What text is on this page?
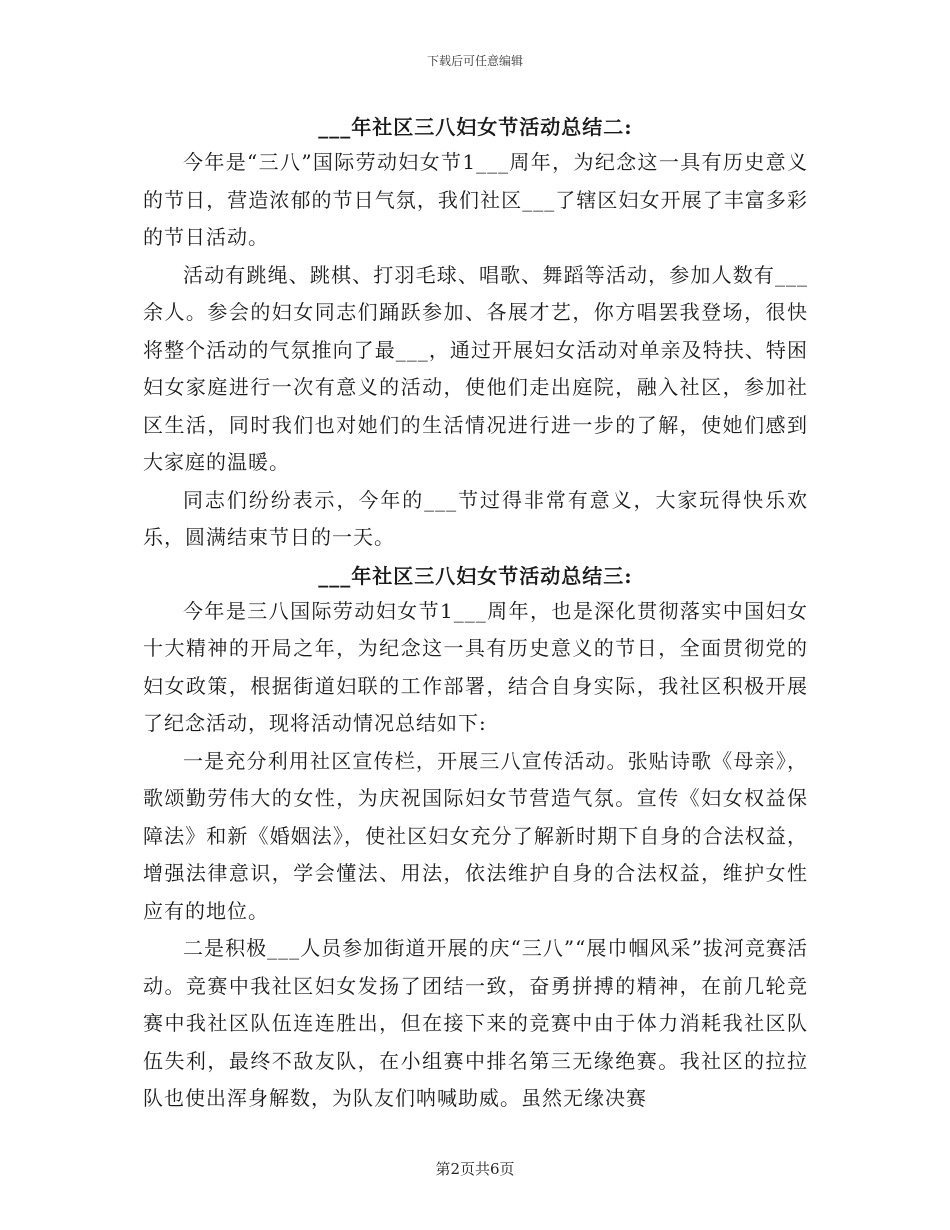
下载后可任意编辑
___年社区三八妇女节活动总结二:

今年是“三八”国际劳动妇女节1___周年，为纪念这一具有历史意义的节日，营造浓郁的节日气氛，我们社区___了辖区妇女开展了丰富多彩的节日活动。

活动有跳绳、跳棋、打羽毛球、唱歌、舞蹈等活动，参加人数有___余人。参会的妇女同志们踊跃参加、各展才艺，你方唱罢我登场，很快将整个活动的气氛推向了最___，通过开展妇女活动对单亲及特扶、特困妇女家庭进行一次有意义的活动，使他们走出庭院，融入社区，参加社区生活，同时我们也对她们的生活情况进行进一步的了解，使她们感到大家庭的温暖。

同志们纷纷表示，今年的___节过得非常有意义，大家玩得快乐欢乐，圆满结束节日的一天。

___年社区三八妇女节活动总结三:

今年是三八国际劳动妇女节1___周年，也是深化贯彻落实中国妇女十大精神的开局之年，为纪念这一具有历史意义的节日，全面贯彻党的妇女政策，根据街道妇联的工作部署，结合自身实际，我社区积极开展了纪念活动，现将活动情况总结如下:

一是充分利用社区宣传栏，开展三八宣传活动。张贴诗歌《母亲》，歌颂勤劳伟大的女性，为庆祝国际妇女节营造气氛。宣传《妇女权益保障法》和新《婚姻法》，使社区妇女充分了解新时期下自身的合法权益，增强法律意识，学会懂法、用法，依法维护自身的合法权益，维护女性应有的地位。

二是积极___人员参加街道开展的庆“三八”“展巾帼风采”拔河竞赛活动。竞赛中我社区妇女发扬了团结一致，奋勇拼搏的精神，在前几轮竞赛中我社区队伍连连胜出，但在接下来的竞赛中由于体力消耗我社区队伍失利，最终不敌友队，在小组赛中排名第三无缘绝赛。我社区的拉拉队也使出浑身解数，为队友们呐喊助威。虽然无缘决赛

第2页共6页
